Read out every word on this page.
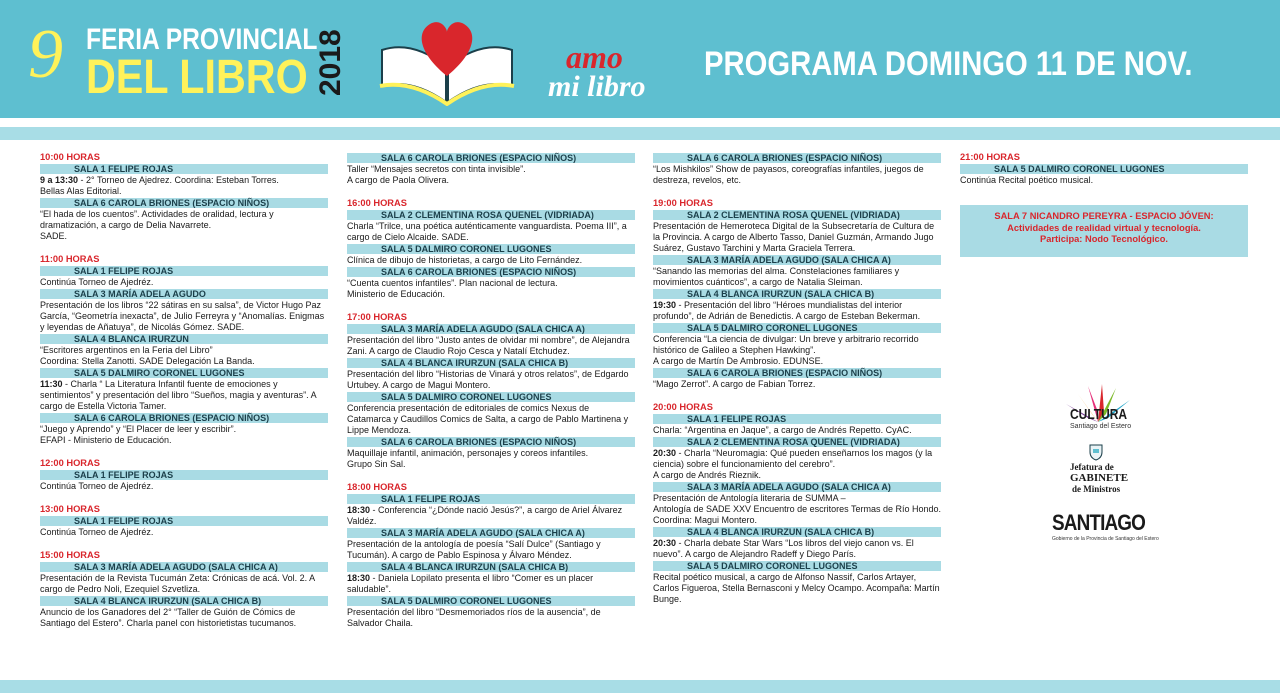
9 FERIA PROVINCIAL
DEL LIBRO 2018	amo
mi libro
PROGRAMA DOMINGO 11 DE NOV.
10:00 HORAS
SALA 1 FELIPE ROJAS
9 a 13:30 - 2° Torneo de Ajedrez. Coordina: Esteban Torres.
Bellas Alas Editorial.
SALA 6 CAROLA BRIONES (ESPACIO NIÑOS)
“El hada de los cuentos”. Actividades de oralidad, lectura y dramatización, a cargo de Delia Navarrete.
SADE.
11:00 HORAS
SALA 1 FELIPE ROJAS
Continúa Torneo de Ajedréz.
SALA 3 MARÍA ADELA AGUDO
Presentación de los libros “22 sátiras en su salsa”, de Victor Hugo Paz García, “Geometría inexacta”, de Julio Ferreyra y “Anomalías. Enigmas y leyendas de Añatuya”, de Nicolás Gómez. SADE.
SALA 4 BLANCA IRURZUN
“Escritores argentinos en la Feria del Libro”
Coordina: Stella Zanotti. SADE Delegación La Banda.
SALA 5 DALMIRO CORONEL LUGONES
11:30 - Charla “ La Literatura Infantil fuente de emociones y sentimientos” y presentación del libro “Sueños, magia y aventuras”. A cargo de Estella Victoria Tamer.
SALA 6 CAROLA BRIONES (ESPACIO NIÑOS)
“Juego y Aprendo” y “El Placer de leer y escribir”.
EFAPI - Ministerio de Educación.
12:00 HORAS
SALA 1 FELIPE ROJAS
Continúa Torneo de Ajedréz.
13:00 HORAS
SALA 1 FELIPE ROJAS
Continúa Torneo de Ajedréz.
15:00 HORAS
SALA 3 MARÍA ADELA AGUDO (SALA CHICA A)
Presentación de la Revista Tucumán Zeta: Crónicas de acá. Vol. 2. A cargo de Pedro Noli, Ezequiel Szvetliza.
SALA 4 BLANCA IRURZUN (SALA CHICA B)
Anuncio de los Ganadores del 2° “Taller de Guión de Cómics de Santiago del Estero”. Charla panel con historietistas tucumanos.
SALA 6 CAROLA BRIONES (ESPACIO NIÑOS)
Taller “Mensajes secretos con tinta invisible”.
A cargo de Paola Olivera.
16:00 HORAS
SALA 2 CLEMENTINA ROSA QUENEL (VIDRIADA)
Charla “Trilce, una poética auténticamente vanguardista. Poema III”, a cargo de Cielo Alcaide. SADE.
SALA 5 DALMIRO CORONEL LUGONES
Clínica de dibujo de historietas, a cargo de Lito Fernández.
SALA 6 CAROLA BRIONES (ESPACIO NIÑOS)
“Cuenta cuentos infantiles”. Plan nacional de lectura.
Ministerio de Educación.
17:00 HORAS
SALA 3 MARÍA ADELA AGUDO (SALA CHICA A)
Presentación del libro “Justo antes de olvidar mi nombre”, de Alejandra Zani. A cargo de Claudio Rojo Cesca y Natalí Etchudez.
SALA 4 BLANCA IRURZUN (SALA CHICA B)
Presentación del libro “Historias de Vinará y otros relatos”, de Edgardo Urtubey. A cargo de Magui Montero.
SALA 5 DALMIRO CORONEL LUGONES
Conferencia presentación de editoriales de comics Nexus de Catamarca y Caudillos Comics de Salta, a cargo de Pablo Martinena y Lippe Mendoza.
SALA 6 CAROLA BRIONES (ESPACIO NIÑOS)
Maquillaje infantil, animación, personajes y coreos infantiles.
Grupo Sin Sal.
18:00 HORAS
SALA 1 FELIPE ROJAS
18:30 - Conferencia “¿Dónde nació Jesús?”, a cargo de Ariel Álvarez Valdéz.
SALA 3 MARÍA ADELA AGUDO (SALA CHICA A)
Presentación de la antología de poesía “Salí Dulce” (Santiago y Tucumán). A cargo de Pablo Espinosa y Álvaro Méndez.
SALA 4 BLANCA IRURZUN (SALA CHICA B)
18:30 - Daniela Lopilato presenta el libro “Comer es un placer saludable”.
SALA 5 DALMIRO CORONEL LUGONES
Presentación del libro “Desmemoriados ríos de la ausencia”, de Salvador Chaila.
SALA 6 CAROLA BRIONES (ESPACIO NIÑOS)
“Los Mishkilos” Show de payasos, coreografías infantiles, juegos de destreza, revelos, etc.
19:00 HORAS
SALA 2 CLEMENTINA ROSA QUENEL (VIDRIADA)
Presentación de Hemeroteca Digital de la Subsecretaría de Cultura de la Provincia. A cargo de Alberto Tasso, Daniel Guzmán, Armando Jugo Suárez, Gustavo Tarchini y Marta Graciela Terrera.
SALA 3 MARÍA ADELA AGUDO (SALA CHICA A)
“Sanando las memorias del alma. Constelaciones familiares y movimientos cuánticos”, a cargo de Natalia Sleiman.
SALA 4 BLANCA IRURZUN (SALA CHICA B)
19:30 - Presentación del libro “Héroes mundialistas del interior profundo”, de Adrián de Benedictis. A cargo de Esteban Bekerman.
SALA 5 DALMIRO CORONEL LUGONES
Conferencia “La ciencia de divulgar: Un breve y arbitrario recorrido histórico de Galileo a Stephen Hawking”.
A cargo de Martín De Ambrosio. EDUNSE.
SALA 6 CAROLA BRIONES (ESPACIO NIÑOS)
“Mago Zerrot”. A cargo de Fabian Torrez.
20:00 HORAS
SALA 1 FELIPE ROJAS
Charla: “Argentina en Jaque”, a cargo de Andrés Repetto. CyAC.
SALA 2 CLEMENTINA ROSA QUENEL (VIDRIADA)
20:30 - Charla “Neuromagia: Qué pueden enseñarnos los magos (y la ciencia) sobre el funcionamiento del cerebro”.
A cargo de Andrés Rieznik.
SALA 3 MARÍA ADELA AGUDO (SALA CHICA A)
Presentación de Antología literaria de SUMMA –
Antología de SADE XXV Encuentro de escritores Termas de Río Hondo. Coordina: Magui Montero.
SALA 4 BLANCA IRURZUN (SALA CHICA B)
20:30 - Charla debate Star Wars “Los libros del viejo canon vs. El nuevo”. A cargo de Alejandro Radeff y Diego París.
SALA 5 DALMIRO CORONEL LUGONES
Recital poético musical, a cargo de Alfonso Nassif, Carlos Artayer, Carlos Figueroa, Stella Bernasconi y Melcy Ocampo. Acompaña: Martín Bunge.
21:00 HORAS
SALA 5 DALMIRO CORONEL LUGONES
Continúa Recital poético musical.
SALA 7 NICANDRO PEREYRA - ESPACIO JÓVEN:
Actividades de realidad virtual y tecnología.
Participa: Nodo Tecnológico.
CULTURA
Santiago del Estero
Jefatura de
GABINETE
de Ministros
SANTIAGO
Gobierno de la Provincia de Santiago del Estero
